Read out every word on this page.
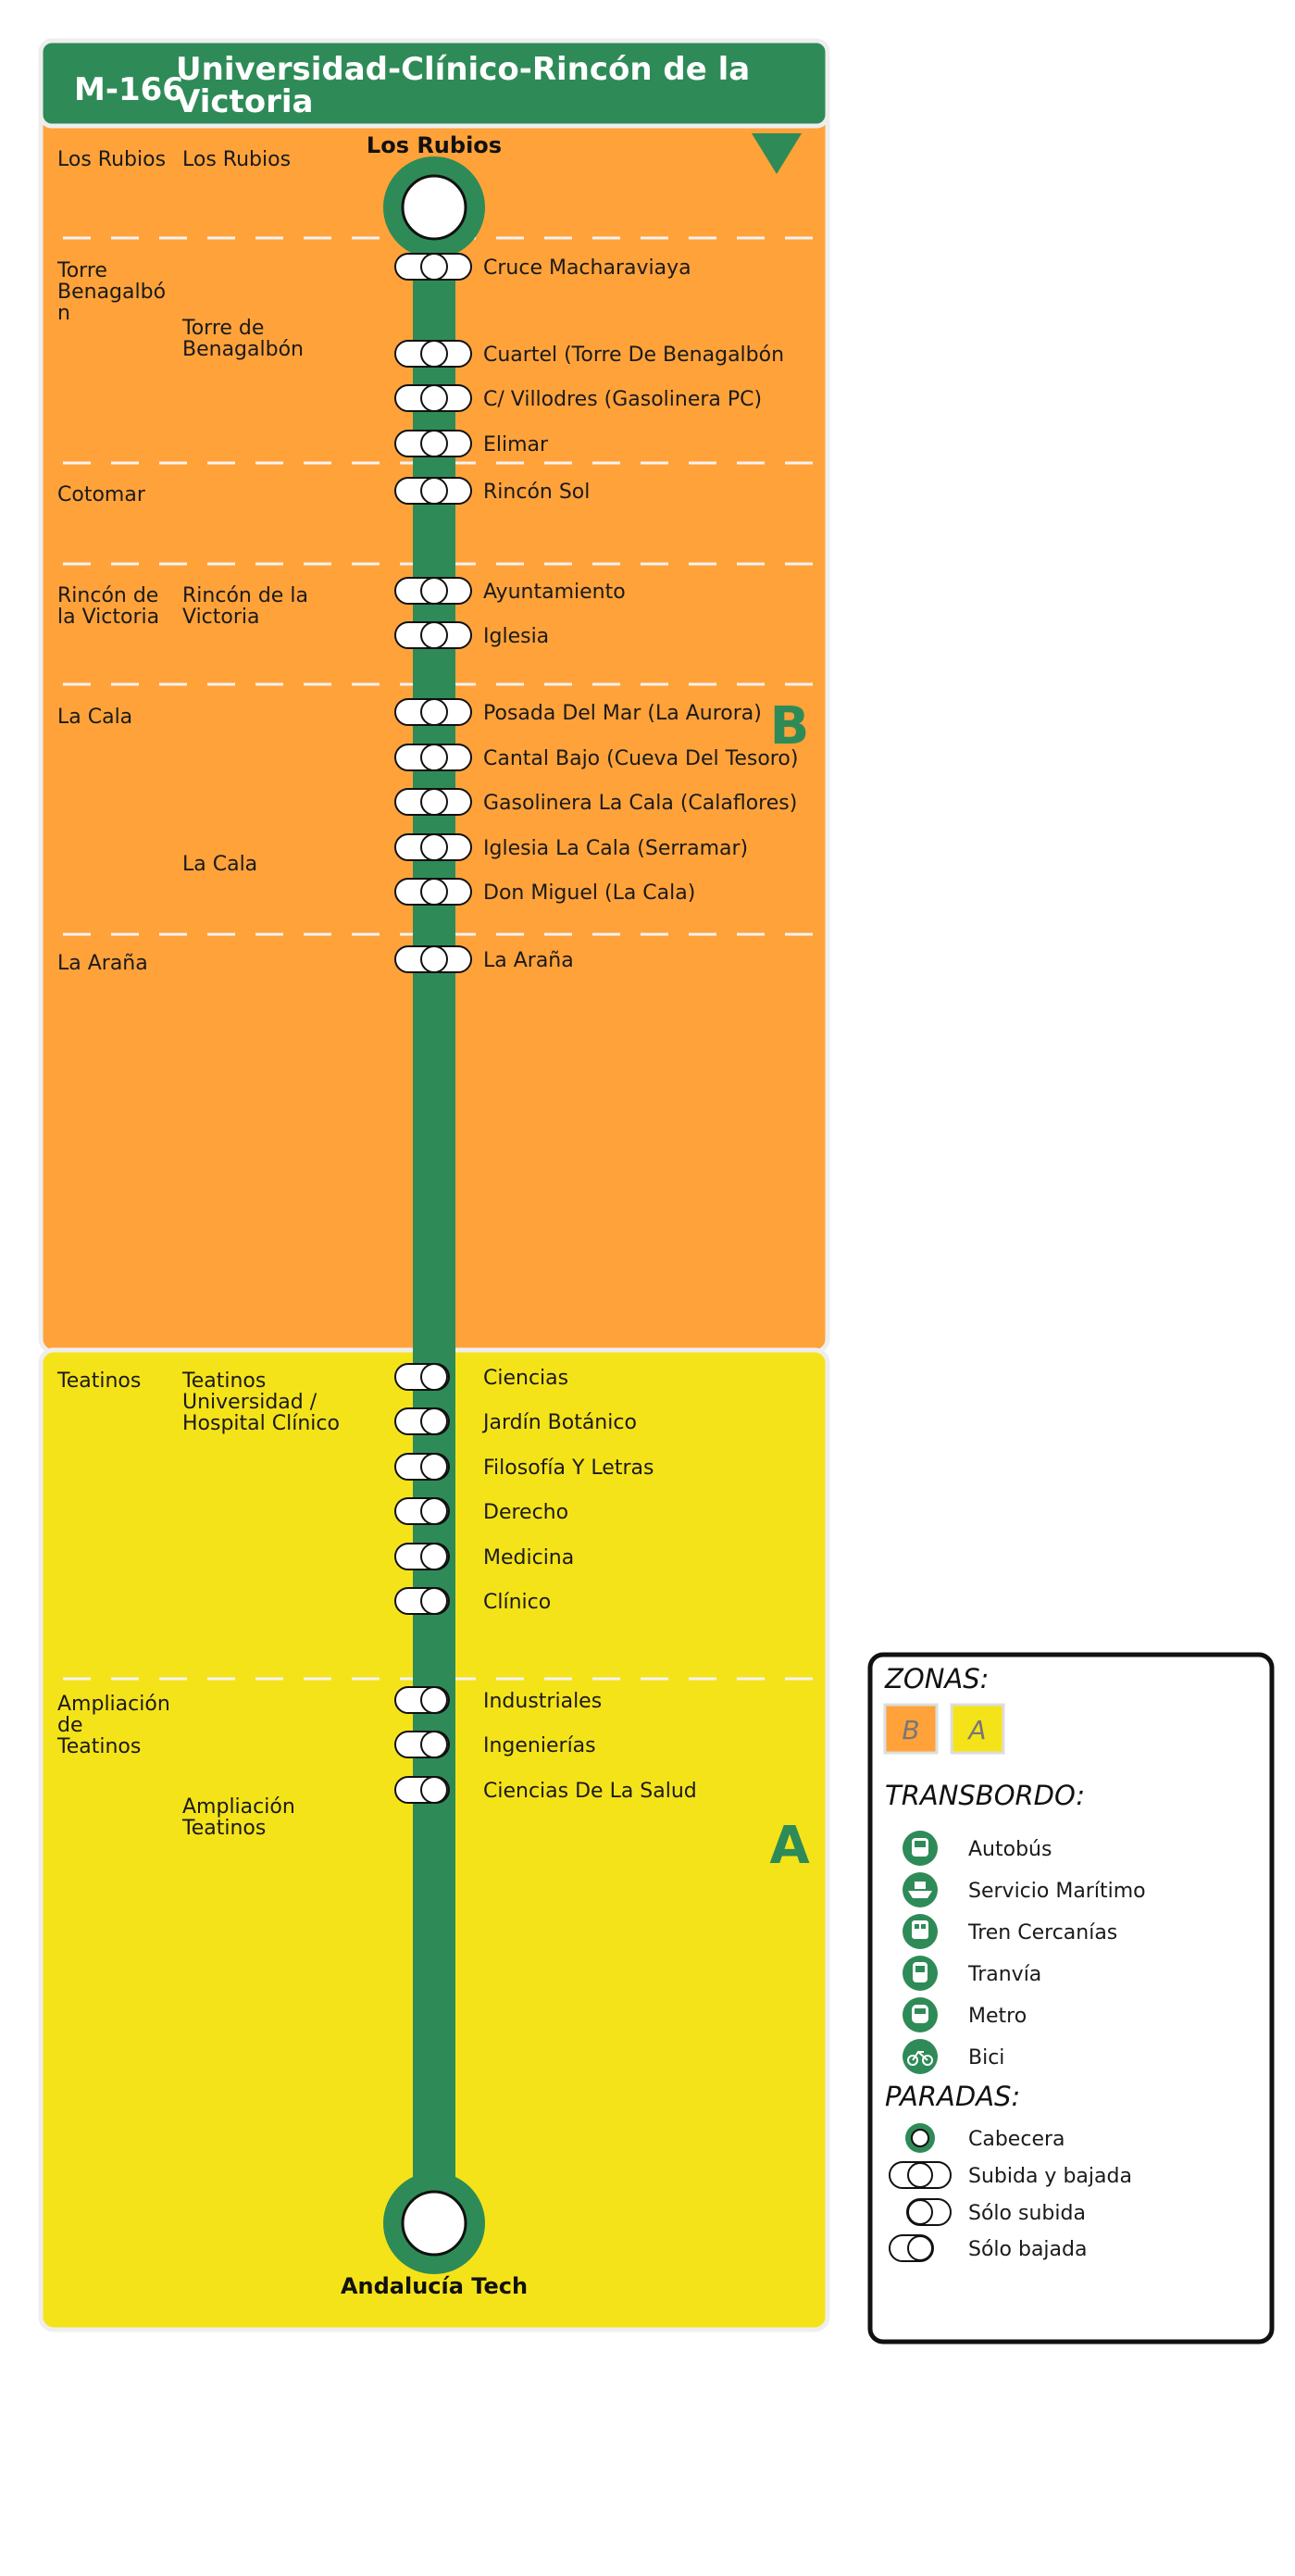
M-166
Universidad-Clínico-Rincón de la
Victoria
B
A
Los Rubios
Andalucía Tech
Cruce Macharaviaya
Cuartel (Torre De Benagalbón
C/ Villodres (Gasolinera PC)
Elimar
Rincón Sol
Ayuntamiento
Iglesia
Posada Del Mar (La Aurora)
Cantal Bajo (Cueva Del Tesoro)
Gasolinera La Cala (Calaflores)
Iglesia La Cala (Serramar)
Don Miguel (La Cala)
La Araña
Ciencias
Jardín Botánico
Filosofía Y Letras
Derecho
Medicina
Clínico
Industriales
Ingenierías
Ciencias De La Salud
Los Rubios
Torre
Benagalbó
n
Cotomar
Rincón de
la Victoria
La Cala
La Araña
Teatinos
Ampliación
de
Teatinos
Los Rubios
Torre de
Benagalbón
Rincón de la
Victoria
La Cala
Teatinos
Universidad /
Hospital Clínico
Ampliación
Teatinos
ZONAS:
B A
TRANSBORDO:
Autobús
Servicio Marítimo
Tren Cercanías
Tranvía
Metro
Bici
PARADAS:
Cabecera
Subida y bajada
Sólo subida
Sólo bajada
